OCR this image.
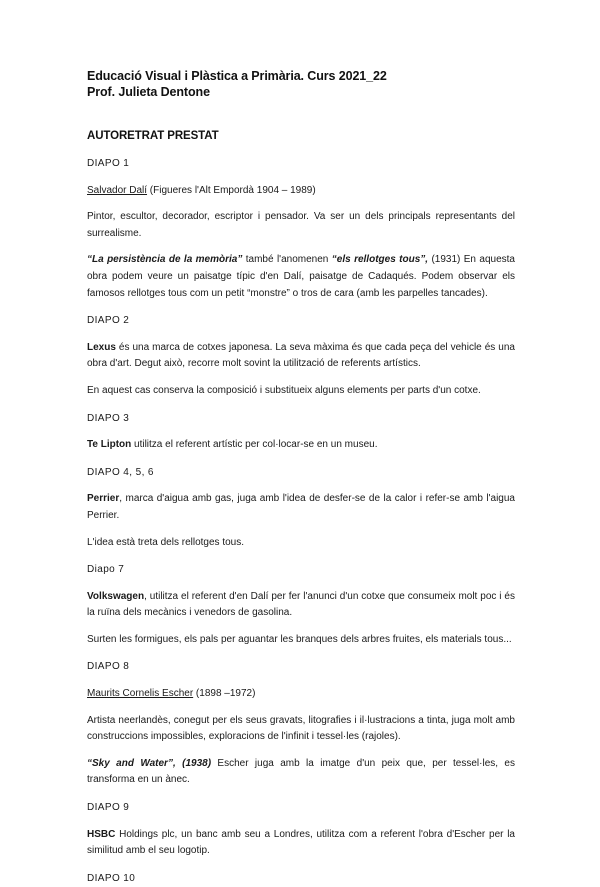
Educació Visual i Plàstica a Primària. Curs 2021_22
Prof. Julieta Dentone
AUTORETRAT PRESTAT

DIAPO 1

Salvador Dalí (Figueres l'Alt Empordà 1904 – 1989)

Pintor, escultor, decorador, escriptor i pensador. Va ser un dels principals representants del surrealisme.

“La persistència de la memòria” també l'anomenen “els rellotges tous”, (1931) En aquesta obra podem veure un paisatge típic d'en Dalí, paisatge de Cadaqués. Podem observar els famosos rellotges tous com un petit “monstre” o tros de cara (amb les parpelles tancades).

DIAPO 2

Lexus és una marca de cotxes japonesa. La seva màxima és que cada peça del vehicle és una obra d'art. Degut això, recorre molt sovint la utilització de referents artístics.

En aquest cas conserva la composició i substitueix alguns elements per parts d'un cotxe.

DIAPO 3

Te Lipton utilitza el referent artístic per col·locar-se en un museu.

DIAPO 4, 5, 6

Perrier, marca d'aigua amb gas, juga amb l'idea de desfer-se de la calor i refer-se amb l'aigua Perrier.

L'idea està treta dels rellotges tous.

Diapo 7

Volkswagen, utilitza el referent d'en Dalí per fer l'anunci d'un cotxe que consumeix molt poc i és la ruïna dels mecànics i venedors de gasolina.

Surten les formigues, els pals per aguantar les branques dels arbres fruites, els materials tous...

DIAPO 8

Maurits Cornelis Escher (1898 –1972)

Artista neerlandès, conegut per els seus gravats, litografies i il·lustracions a tinta, juga molt amb construccions impossibles, exploracions de l'infinit i tessel·les (rajoles).

“Sky and Water”, (1938) Escher juga amb la imatge d'un peix que, per tessel·les, es transforma en un ànec.

DIAPO 9

HSBC Holdings plc, un banc amb seu a Londres, utilitza com a referent l'obra d'Escher per la similitud amb el seu logotip.

DIAPO 10
